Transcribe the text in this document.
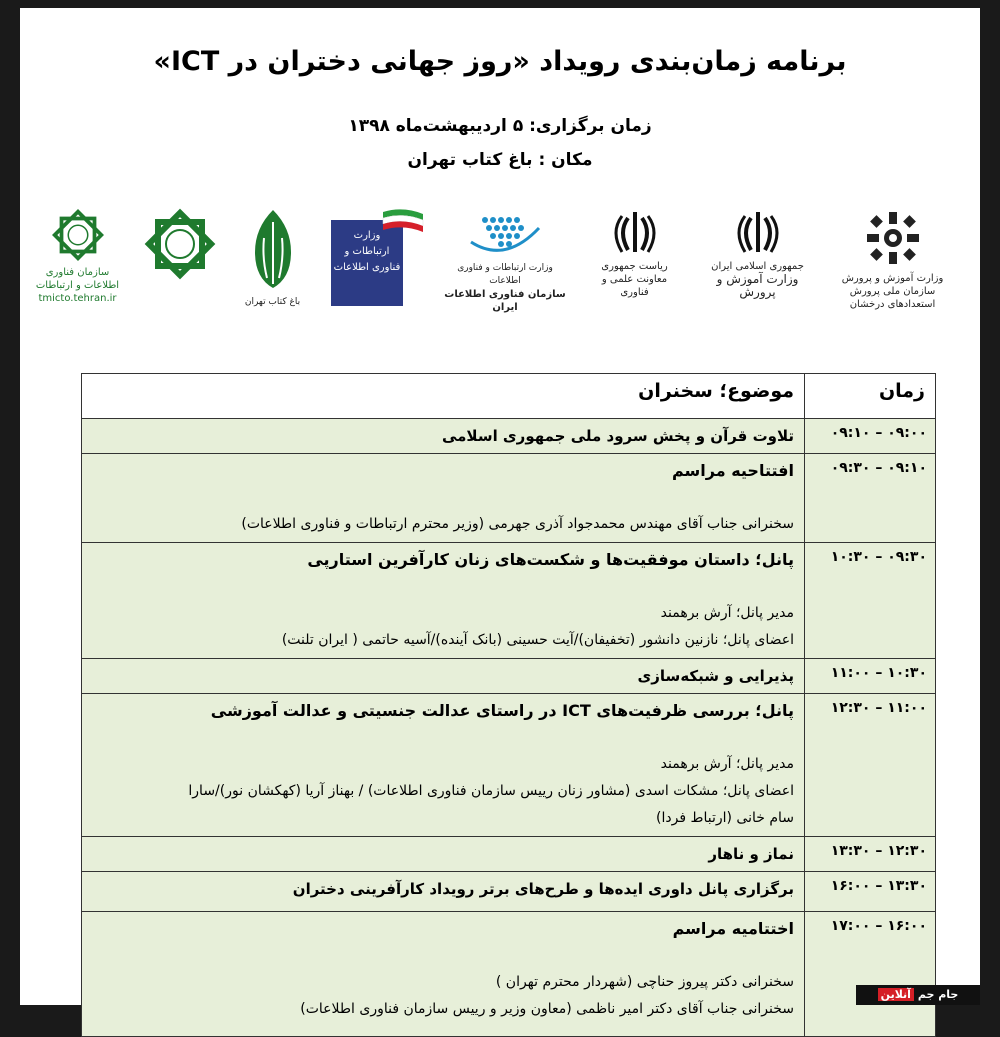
برنامه زمان‌بندی رویداد «روز جهانی دختران در ICT»
زمان برگزاری: ۵ اردیبهشت‌ماه ۱۳۹۸
مکان : باغ کتاب تهران
وزارت آموزش و پرورش
سازمان ملی پرورش استعدادهای درخشان
جمهوری اسلامی ایران
وزارت آموزش و پرورش
ریاست جمهوری
معاونت علمی و فناوری
وزارت ارتباطات و فناوری اطلاعات
سازمان فناوری اطلاعات ایران
وزارت
ارتباطات و فناوری اطلاعات
باغ کتاب تهران
سازمان فناوری
اطلاعات و ارتباطات
tmicto.tehran.ir
زمان	موضوع؛ سخنران
۰۹:۰۰ – ۰۹:۱۰	تلاوت قرآن و پخش سرود ملی جمهوری اسلامی

۰۹:۱۰ – ۰۹:۳۰	افتتاحیه مراسم

سخنرانی جناب آقای مهندس محمدجواد آذری جهرمی (وزیر محترم ارتباطات و فناوری اطلاعات)

۰۹:۳۰ – ۱۰:۳۰	پانل؛ داستان موفقیت‌ها و شکست‌های زنان کارآفرین استارپی

مدیر پانل؛ آرش برهمند
اعضای پانل؛ نازنین دانشور (تخفیفان)/آیت حسینی (بانک آینده)/آسیه حاتمی ( ایران تلنت)

۱۰:۳۰ – ۱۱:۰۰	پذیرایی و شبکه‌سازی

۱۱:۰۰ – ۱۲:۳۰	پانل؛ بررسی ظرفیت‌های ICT در راستای عدالت جنسیتی و عدالت آموزشی

مدیر پانل؛ آرش برهمند
اعضای پانل؛ مشکات اسدی (مشاور زنان رییس سازمان فناوری اطلاعات) / بهناز آریا (کهکشان نور)/سارا
سام خانی (ارتباط فردا)

۱۲:۳۰ – ۱۳:۳۰	نماز و ناهار

۱۳:۳۰ – ۱۶:۰۰	برگزاری پانل داوری ایده‌ها و طرح‌های برتر رویداد کارآفرینی دختران

۱۶:۰۰ – ۱۷:۰۰	اختتامیه مراسم

سخنرانی دکتر پیروز حناچی (شهردار محترم تهران )
سخنرانی جناب آقای دکتر امیر ناظمی (معاون وزیر و رییس سازمان فناوری اطلاعات)
جام جم آنلاین
